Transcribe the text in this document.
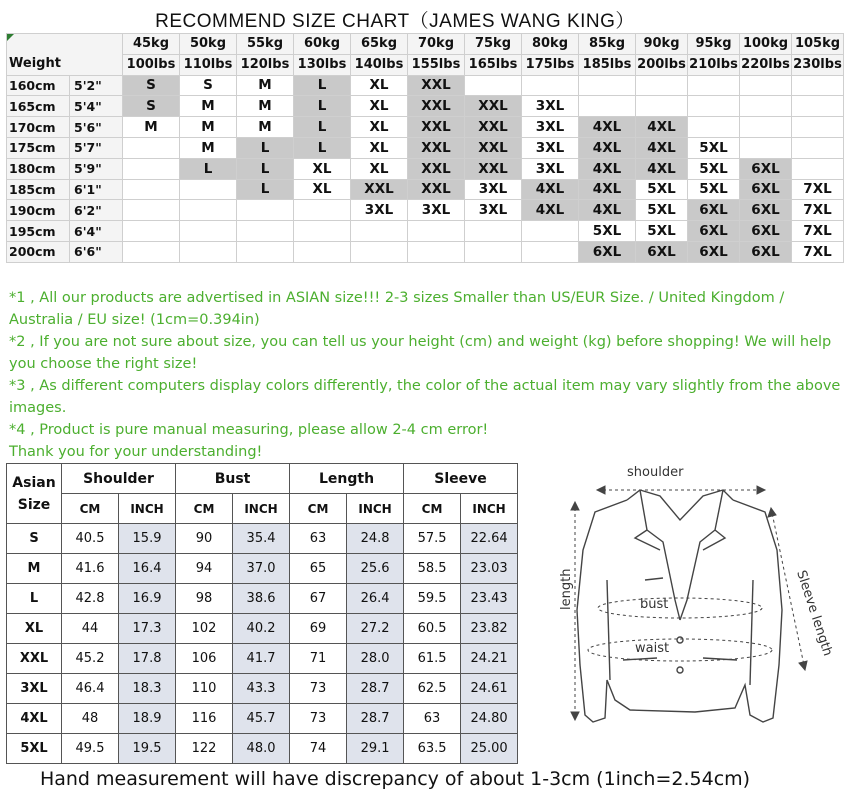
RECOMMEND SIZE CHART（JAMES WANG KING）
Weight		45kg	50kg	55kg	60kg	65kg	70kg	75kg	80kg	85kg	90kg	95kg	100kg	105kg
		100lbs	110lbs	120lbs	130lbs	140lbs	155lbs	165lbs	175lbs	185lbs	200lbs	210lbs	220lbs	230lbs
160cm	5'2"	S	S	M	L	XL	XXL							
165cm	5'4"	S	M	M	L	XL	XXL	XXL	3XL					
170cm	5'6"	M	M	M	L	XL	XXL	XXL	3XL	4XL	4XL			
175cm	5'7"		M	L	L	XL	XXL	XXL	3XL	4XL	4XL	5XL		
180cm	5'9"		L	L	XL	XL	XXL	XXL	3XL	4XL	4XL	5XL	6XL	
185cm	6'1"			L	XL	XXL	XXL	3XL	4XL	4XL	5XL	5XL	6XL	7XL
190cm	6'2"					3XL	3XL	3XL	4XL	4XL	5XL	6XL	6XL	7XL
195cm	6'4"									5XL	5XL	6XL	6XL	7XL
200cm	6'6"									6XL	6XL	6XL	6XL	7XL

*1 , All our products are advertised in ASIAN size!!! 2-3 sizes Smaller than US/EUR Size. / United Kingdom / Australia / EU size! (1cm=0.394in)

*2 , If you are not sure about size, you can tell us your height (cm) and weight (kg) before shopping! We will help you choose the right size!

*3 , As different computers display colors differently, the color of the actual item may vary slightly from the above images.

*4 , Product is pure manual measuring, please allow 2-4 cm error!

Thank you for your understanding!

Asian
Size	Shoulder		Bust		Length		Sleeve	
	CM	INCH	CM	INCH	CM	INCH	CM	INCH
S	40.5	15.9	90	35.4	63	24.8	57.5	22.64
M	41.6	16.4	94	37.0	65	25.6	58.5	23.03
L	42.8	16.9	98	38.6	67	26.4	59.5	23.43
XL	44	17.3	102	40.2	69	27.2	60.5	23.82
XXL	45.2	17.8	106	41.7	71	28.0	61.5	24.21
3XL	46.4	18.3	110	43.3	73	28.7	62.5	24.61
4XL	48	18.9	116	45.7	73	28.7	63	24.80
5XL	49.5	19.5	122	48.0	74	29.1	63.5	25.00
shoulder
length	bust
waist	Sleeve length
Hand measurement will have discrepancy of about 1-3cm (1inch=2.54cm)
